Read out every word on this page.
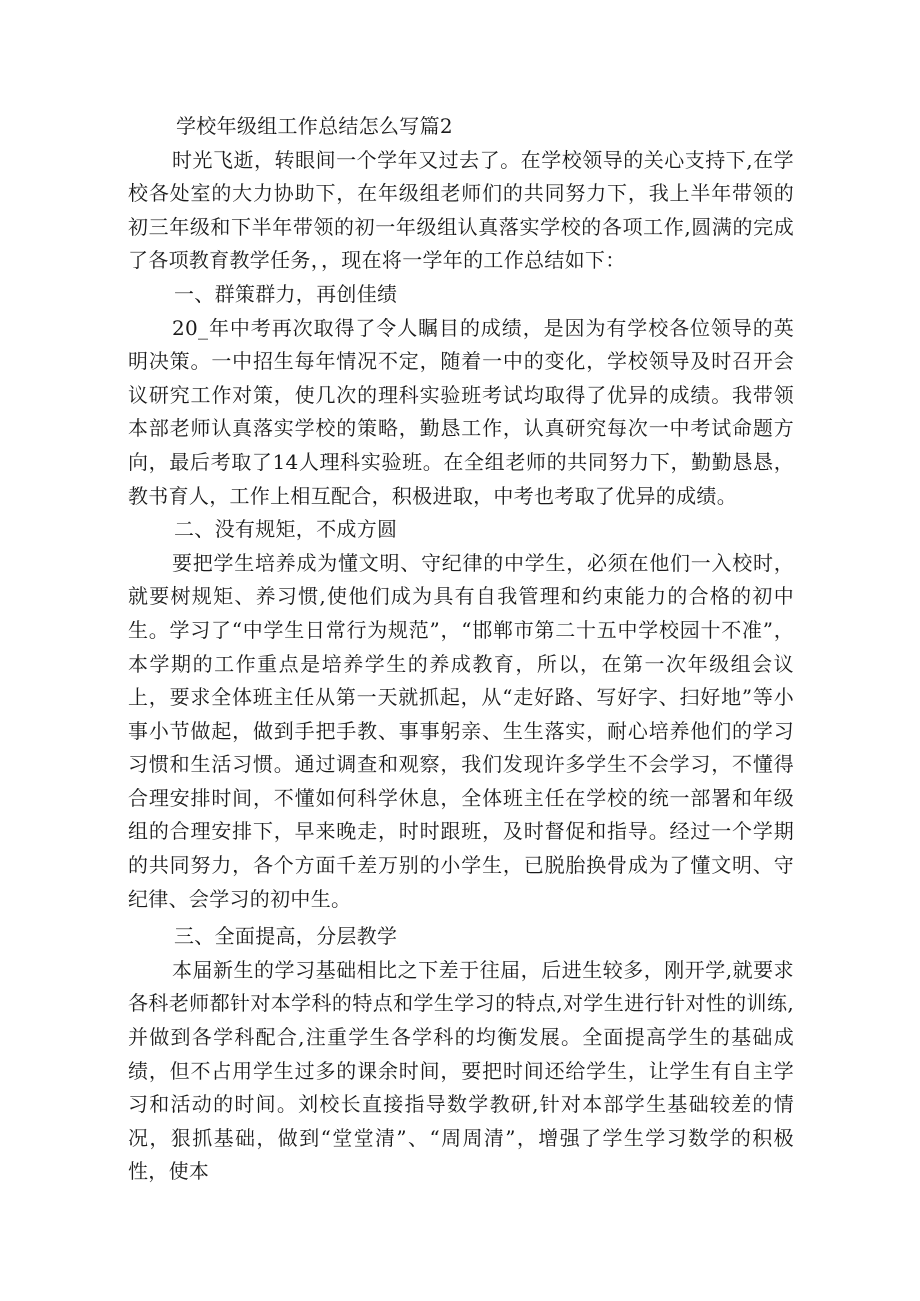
学校年级组工作总结怎么写篇2

时光飞逝，转眼间一个学年又过去了。在学校领导的关心支持下,在学校各处室的大力协助下，在年级组老师们的共同努力下，我上半年带领的初三年级和下半年带领的初一年级组认真落实学校的各项工作,圆满的完成了各项教育教学任务，，现在将一学年的工作总结如下：

一、群策群力，再创佳绩

20_年中考再次取得了令人瞩目的成绩，是因为有学校各位领导的英明决策。一中招生每年情况不定，随着一中的变化，学校领导及时召开会议研究工作对策，使几次的理科实验班考试均取得了优异的成绩。我带领本部老师认真落实学校的策略，勤恳工作，认真研究每次一中考试命题方向，最后考取了14人理科实验班。在全组老师的共同努力下，勤勤恳恳，教书育人，工作上相互配合，积极进取，中考也考取了优异的成绩。

二、没有规矩，不成方圆

要把学生培养成为懂文明、守纪律的中学生，必须在他们一入校时，就要树规矩、养习惯,使他们成为具有自我管理和约束能力的合格的初中生。学习了“中学生日常行为规范”，“邯郸市第二十五中学校园十不准”，本学期的工作重点是培养学生的养成教育，所以，在第一次年级组会议上，要求全体班主任从第一天就抓起，从“走好路、写好字、扫好地”等小事小节做起，做到手把手教、事事躬亲、生生落实，耐心培养他们的学习习惯和生活习惯。通过调查和观察，我们发现许多学生不会学习，不懂得合理安排时间，不懂如何科学休息，全体班主任在学校的统一部署和年级组的合理安排下，早来晚走，时时跟班，及时督促和指导。经过一个学期的共同努力，各个方面千差万别的小学生，已脱胎换骨成为了懂文明、守纪律、会学习的初中生。

三、全面提高，分层教学

本届新生的学习基础相比之下差于往届，后进生较多，刚开学,就要求各科老师都针对本学科的特点和学生学习的特点,对学生进行针对性的训练,并做到各学科配合,注重学生各学科的均衡发展。全面提高学生的基础成绩，但不占用学生过多的课余时间，要把时间还给学生，让学生有自主学习和活动的时间。刘校长直接指导数学教研,针对本部学生基础较差的情况，狠抓基础，做到“堂堂清”、“周周清”，增强了学生学习数学的积极性，使本
